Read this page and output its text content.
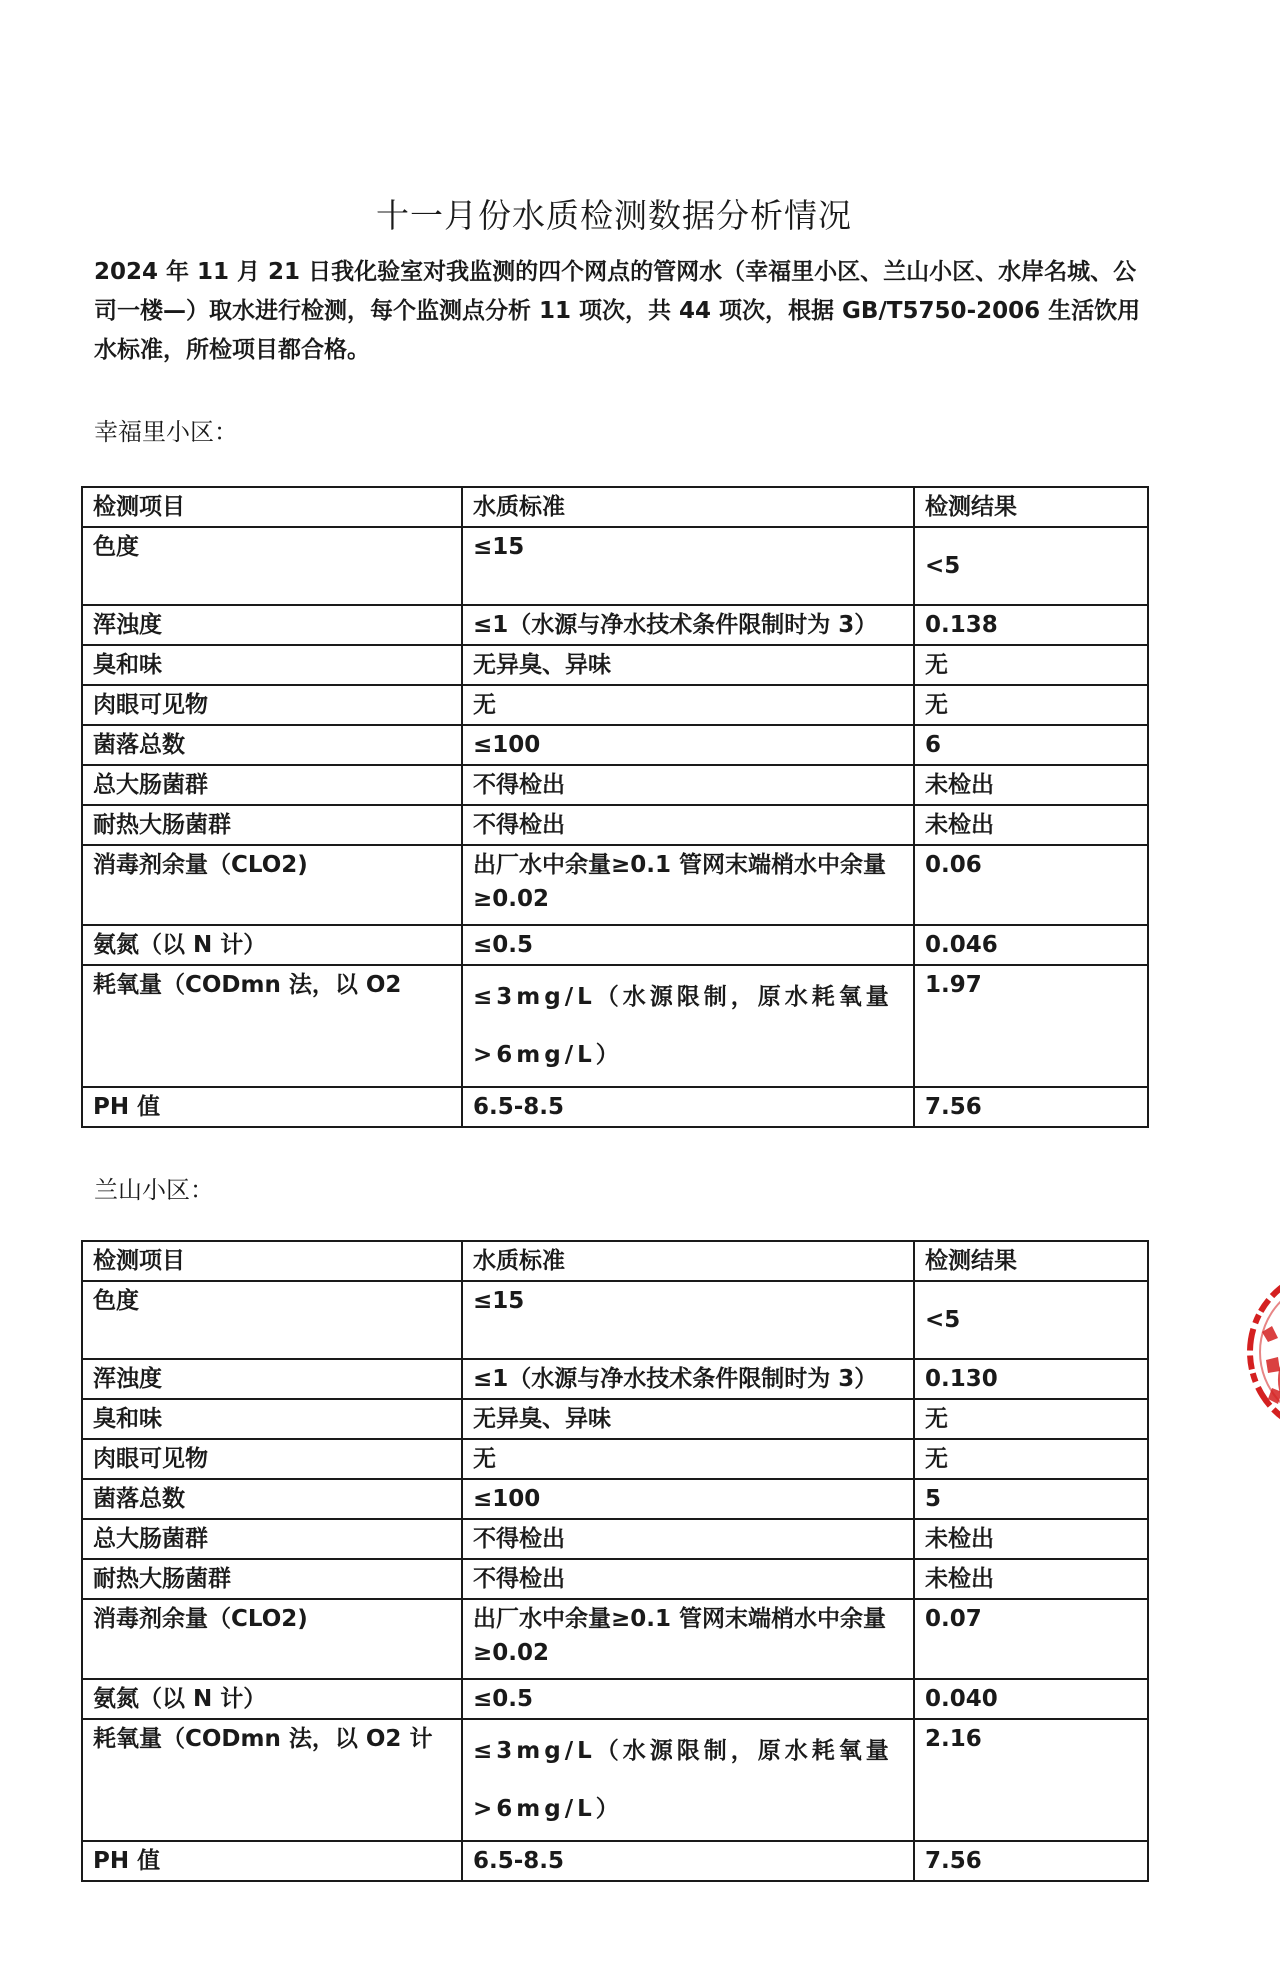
十一月份水质检测数据分析情况
2024 年 11 月 21 日我化验室对我监测的四个网点的管网水（幸福里小区、兰山小区、水岸名城、公司一楼—）取水进行检测，每个监测点分析 11 项次，共 44 项次，根据 GB/T5750-2006 生活饮用水标准，所检项目都合格。
幸福里小区：
检测项目	水质标准	检测结果
色度	≤15	<5
浑浊度	≤1（水源与净水技术条件限制时为 3）	0.138
臭和味	无异臭、异味	无
肉眼可见物	无	无
菌落总数	≤100	6
总大肠菌群	不得检出	未检出
耐热大肠菌群	不得检出	未检出
消毒剂余量（CLO2)	出厂水中余量≥0.1 管网末端梢水中余量≥0.02	0.06
氨氮（以 N 计）	≤0.5	0.046
耗氧量（CODmn 法，以 O2	≤3mg/L（水源限制，原水耗氧量>6mg/L）	1.97
PH 值	6.5-8.5	7.56
兰山小区：
检测项目	水质标准	检测结果
色度	≤15	<5
浑浊度	≤1（水源与净水技术条件限制时为 3）	0.130
臭和味	无异臭、异味	无
肉眼可见物	无	无
菌落总数	≤100	5
总大肠菌群	不得检出	未检出
耐热大肠菌群	不得检出	未检出
消毒剂余量（CLO2)	出厂水中余量≥0.1 管网末端梢水中余量≥0.02	0.07
氨氮（以 N 计）	≤0.5	0.040
耗氧量（CODmn 法，以 O2 计	≤3mg/L（水源限制，原水耗氧量>6mg/L）	2.16
PH 值	6.5-8.5	7.56
